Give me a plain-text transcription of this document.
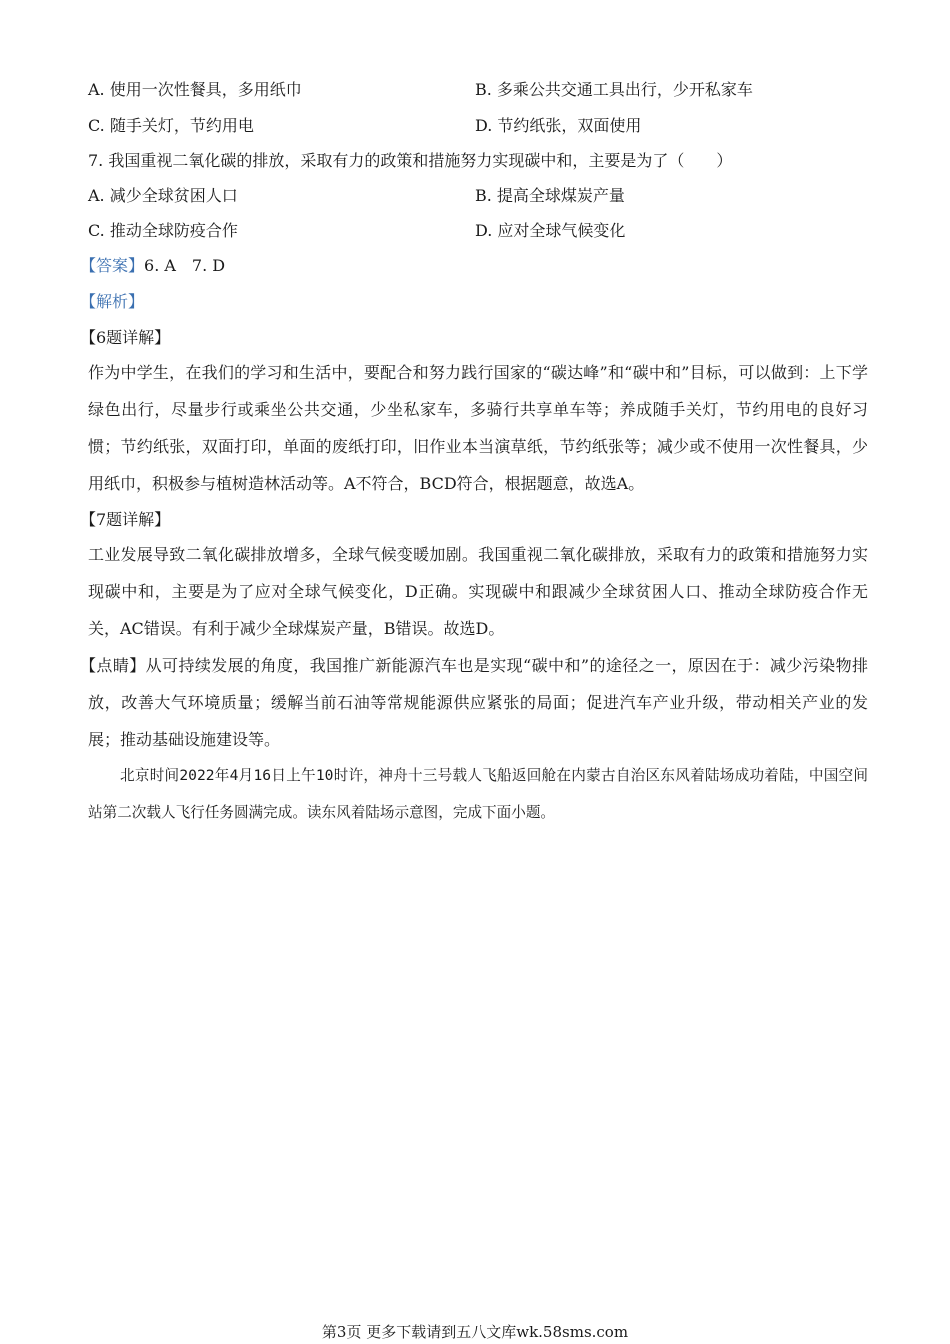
A. 使用一次性餐具，多用纸巾	B. 多乘公共交通工具出行，少开私家车
C. 随手关灯，节约用电	D. 节约纸张，双面使用
7. 我国重视二氧化碳的排放，采取有力的政策和措施努力实现碳中和，主要是为了（　　）
A. 减少全球贫困人口	B. 提高全球煤炭产量
C. 推动全球防疫合作	D. 应对全球气候变化
【答案】6. A　7. D
【解析】
【6题详解】
作为中学生，在我们的学习和生活中，要配合和努力践行国家的“碳达峰”和“碳中和”目标，可以做到：上下学绿色出行，尽量步行或乘坐公共交通，少坐私家车，多骑行共享单车等；养成随手关灯，节约用电的良好习惯；节约纸张，双面打印，单面的废纸打印，旧作业本当演草纸，节约纸张等；减少或不使用一次性餐具，少用纸巾，积极参与植树造林活动等。A不符合，BCD符合，根据题意，故选A。
【7题详解】
工业发展导致二氧化碳排放增多，全球气候变暖加剧。我国重视二氧化碳排放，采取有力的政策和措施努力实现碳中和，主要是为了应对全球气候变化，D正确。实现碳中和跟减少全球贫困人口、推动全球防疫合作无关，AC错误。有利于减少全球煤炭产量，B错误。故选D。
【点睛】从可持续发展的角度，我国推广新能源汽车也是实现“碳中和”的途径之一，原因在于：减少污染物排放，改善大气环境质量；缓解当前石油等常规能源供应紧张的局面；促进汽车产业升级，带动相关产业的发展；推动基础设施建设等。
北京时间2022年4月16日上午10时许，神舟十三号载人飞船返回舱在内蒙古自治区东风着陆场成功着陆，中国空间站第二次载人飞行任务圆满完成。读东风着陆场示意图，完成下面小题。
第3页 更多下载请到五八文库wk.58sms.com
